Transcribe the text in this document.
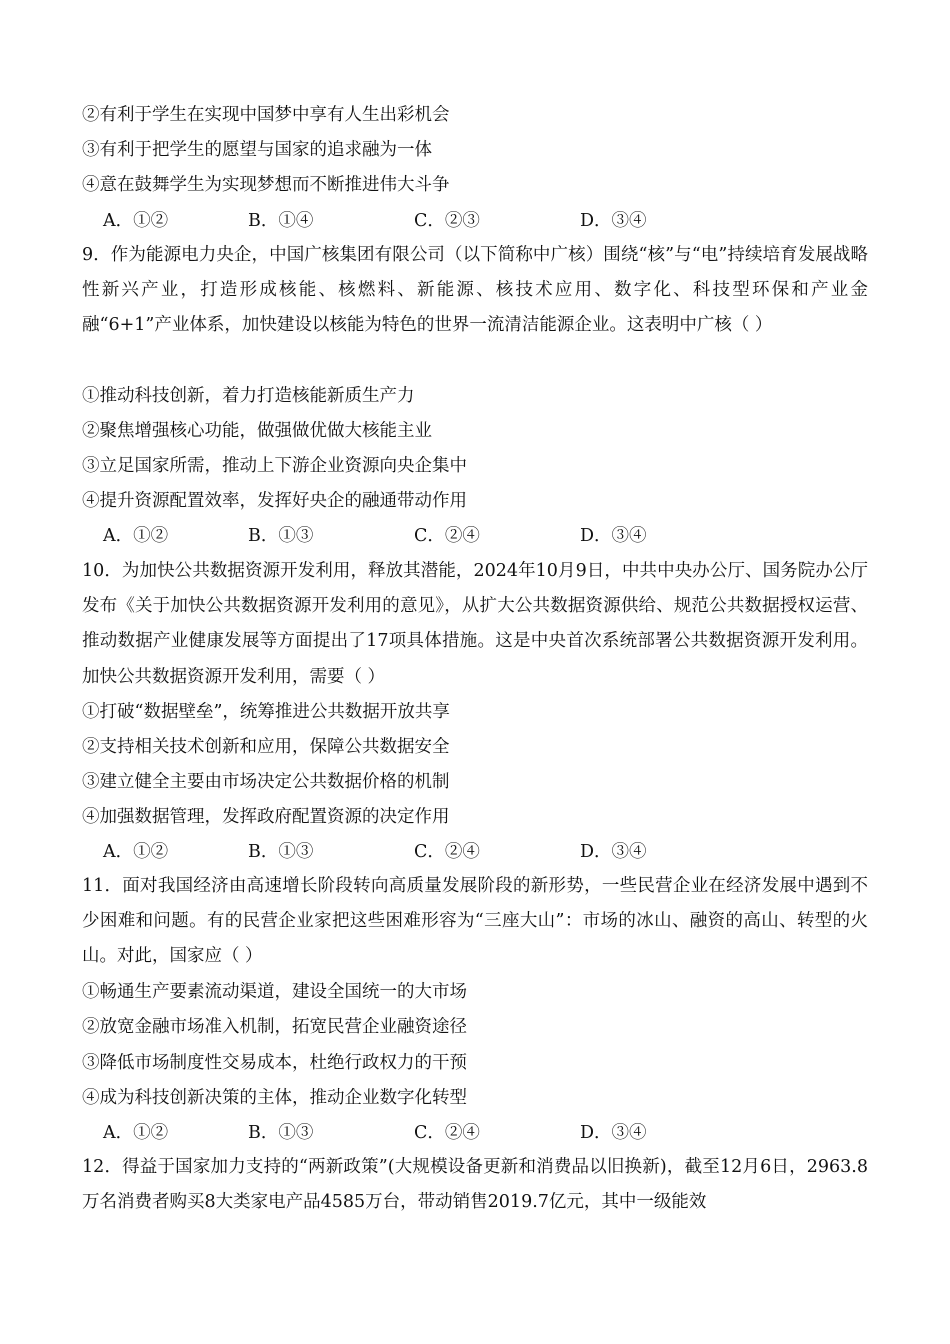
②有利于学生在实现中国梦中享有人生出彩机会
③有利于把学生的愿望与国家的追求融为一体
④意在鼓舞学生为实现梦想而不断推进伟大斗争
A．①②	B．①④	C．②③	D．③④
9．作为能源电力央企，中国广核集团有限公司（以下简称中广核）围绕“核”与“电”持续培育发展战略性新兴产业，打造形成核能、核燃料、新能源、核技术应用、数字化、科技型环保和产业金融“6+1”产业体系，加快建设以核能为特色的世界一流清洁能源企业。这表明中广核（ ）
①推动科技创新，着力打造核能新质生产力
②聚焦增强核心功能，做强做优做大核能主业
③立足国家所需，推动上下游企业资源向央企集中
④提升资源配置效率，发挥好央企的融通带动作用
A．①②	B．①③	C．②④	D．③④
10．为加快公共数据资源开发利用，释放其潜能，2024年10月9日，中共中央办公厅、国务院办公厅发布《关于加快公共数据资源开发利用的意见》，从扩大公共数据资源供给、规范公共数据授权运营、推动数据产业健康发展等方面提出了17项具体措施。这是中央首次系统部署公共数据资源开发利用。加快公共数据资源开发利用，需要（ ）
①打破“数据壁垒”，统筹推进公共数据开放共享
②支持相关技术创新和应用，保障公共数据安全
③建立健全主要由市场决定公共数据价格的机制
④加强数据管理，发挥政府配置资源的决定作用
A．①②	B．①③	C．②④	D．③④
11．面对我国经济由高速增长阶段转向高质量发展阶段的新形势，一些民营企业在经济发展中遇到不少困难和问题。有的民营企业家把这些困难形容为“三座大山”：市场的冰山、融资的高山、转型的火山。对此，国家应（ ）
①畅通生产要素流动渠道，建设全国统一的大市场
②放宽金融市场准入机制，拓宽民营企业融资途径
③降低市场制度性交易成本，杜绝行政权力的干预
④成为科技创新决策的主体，推动企业数字化转型
A．①②	B．①③	C．②④	D．③④
12．得益于国家加力支持的“两新政策”(大规模设备更新和消费品以旧换新)，截至12月6日，2963.8万名消费者购买8大类家电产品4585万台，带动销售2019.7亿元，其中一级能效
